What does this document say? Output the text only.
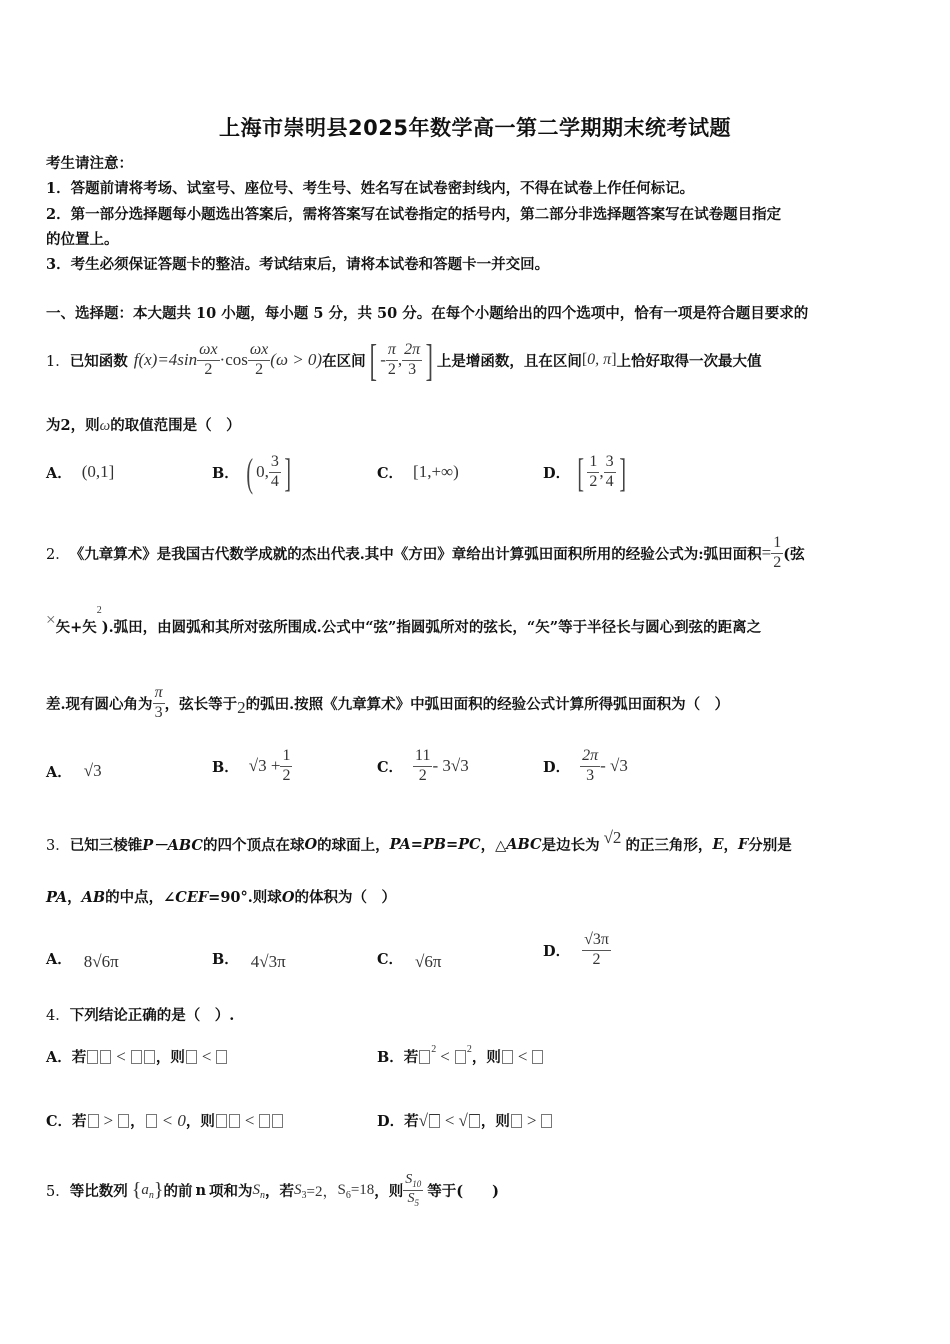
上海市崇明县2025年数学高一第二学期期末统考试题
考生请注意：
1．答题前请将考场、试室号、座位号、考生号、姓名写在试卷密封线内，不得在试卷上作任何标记。
2．第一部分选择题每小题选出答案后，需将答案写在试卷指定的括号内，第二部分非选择题答案写在试卷题目指定
的位置上。
3．考生必须保证答题卡的整洁。考试结束后，请将本试卷和答题卡一并交回。
一、选择题：本大题共 10 小题，每小题 5 分，共 50 分。在每个小题给出的四个选项中，恰有一项是符合题目要求的
1． 已知函数 $f(x)=4\sin \frac{\omega x}{2} \cdot\cos \frac{\omega x}{2} (\omega > 0)$ 在区间 [ - $\frac{\pi}{2}$ , $\frac{2\pi}{3}$ ] 上是增函数，且在区间 [ 0, π ] 上恰好取得一次最大值
为2，则ω的取值范围是（　）
A． (0,1]	B． ( 0, $\frac{3}{4}$ ]	C． [1,+∞)	D． [ $\frac{1}{2}$ , $\frac{3}{4}$ ]
2． 《九章算术》是我国古代数学成就的杰出代表.其中《方田》章给出计算弧田面积所用的经验公式为:弧田面积 = $\frac{1}{2}$ (弦
× 矢+矢
2
).弧田，由圆弧和其所对弦所围成.公式中“弦”指圆弧所对的弦长，“矢”等于半径长与圆心到弦的距离之
差.现有圆心角为 $\frac{\pi}{3}$ ，弦长等于 2 的弧田.按照《九章算术》中弧田面积的经验公式计算所得弧田面积为（　）
A． √3	B． $√3 + \frac{1}{2}$	C． $\frac{11}{2} - 3√3$	D． $\frac{2\pi}{3} - √3$
3． 已知三棱锥 P－ABC 的四个顶点在球 O 的球面上， PA=PB=PC ，△ ABC 是边长为 √2 的正三角形， E ， F 分别是
PA，AB的中点，∠CEF=90°.则球O的体积为（　）
A． 8√6π	B． 4√3π	C． √6π
D． $\frac{√3\pi}{2}$
4．下列结论正确的是（　）.
A． 若 < ，则 <	B． 若 2 < 2 ，则 <
C． 若 > ， < 0 ，则 <	D． 若 √ < √ ，则 >
5． 等比数列 { a n } 的前 n 项和为 S n ，若 S 3 =2， S 6 =18 ，则 $\frac{S_{10}}{S_5}$ 等于(　　)
